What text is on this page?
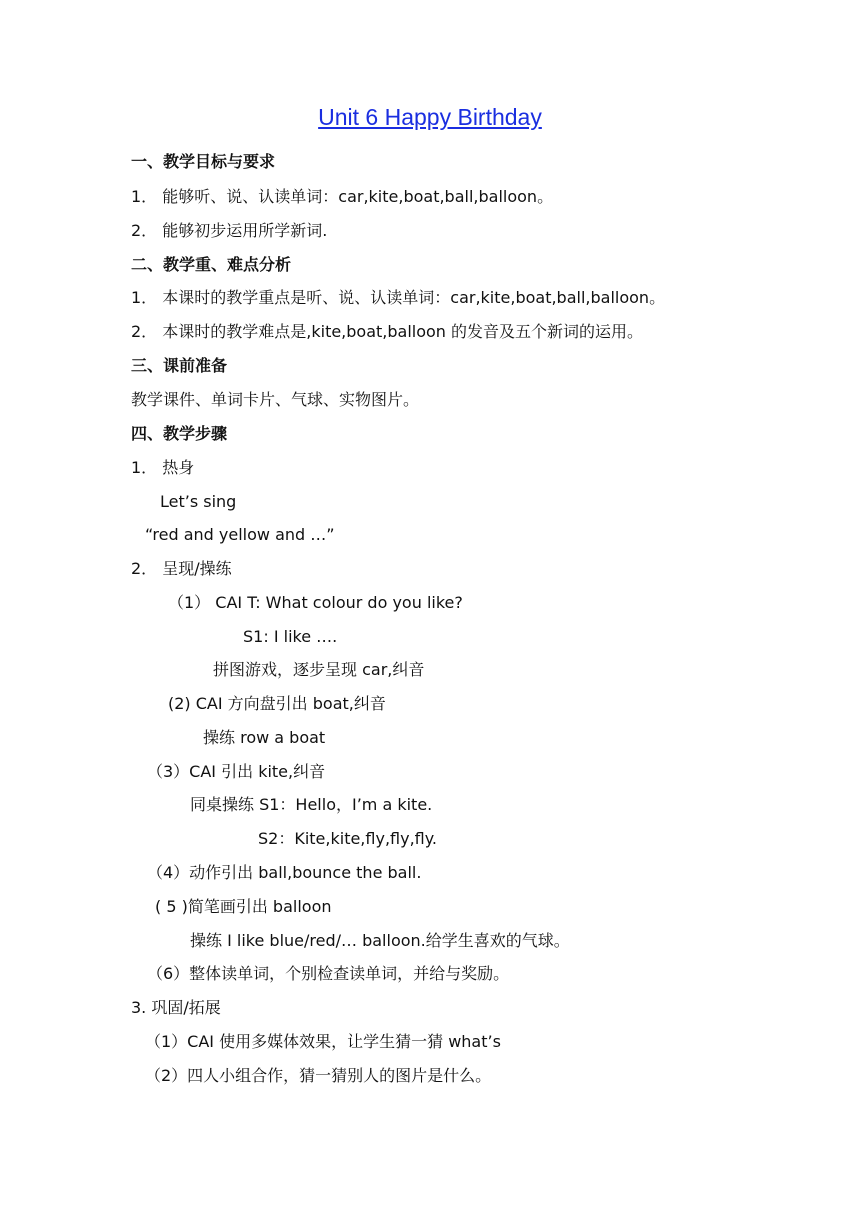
Unit 6 Happy Birthday
一、教学目标与要求
1． 能够听、说、认读单词：car,kite,boat,ball,balloon。
2． 能够初步运用所学新词.
二、教学重、难点分析
1． 本课时的教学重点是听、说、认读单词：car,kite,boat,ball,balloon。
2． 本课时的教学难点是,kite,boat,balloon 的发音及五个新词的运用。
三、课前准备
教学课件、单词卡片、气球、实物图片。
四、教学步骤
1． 热身
Let’s sing
“red and yellow and …”
2． 呈现/操练
（1） CAI T: What colour do you like?
S1: I like ….
拼图游戏，逐步呈现 car,纠音
(2) CAI 方向盘引出 boat,纠音
操练 row a boat
（3）CAI 引出 kite,纠音
同桌操练 S1：Hello，I’m a kite.
S2：Kite,kite,fly,fly,fly.
（4）动作引出 ball,bounce the ball.
( 5 )简笔画引出 balloon
操练 I like blue/red/… balloon.给学生喜欢的气球。
（6）整体读单词，个别检查读单词，并给与奖励。
3. 巩固/拓展
（1）CAI 使用多媒体效果，让学生猜一猜 what’s
（2）四人小组合作，猜一猜别人的图片是什么。
